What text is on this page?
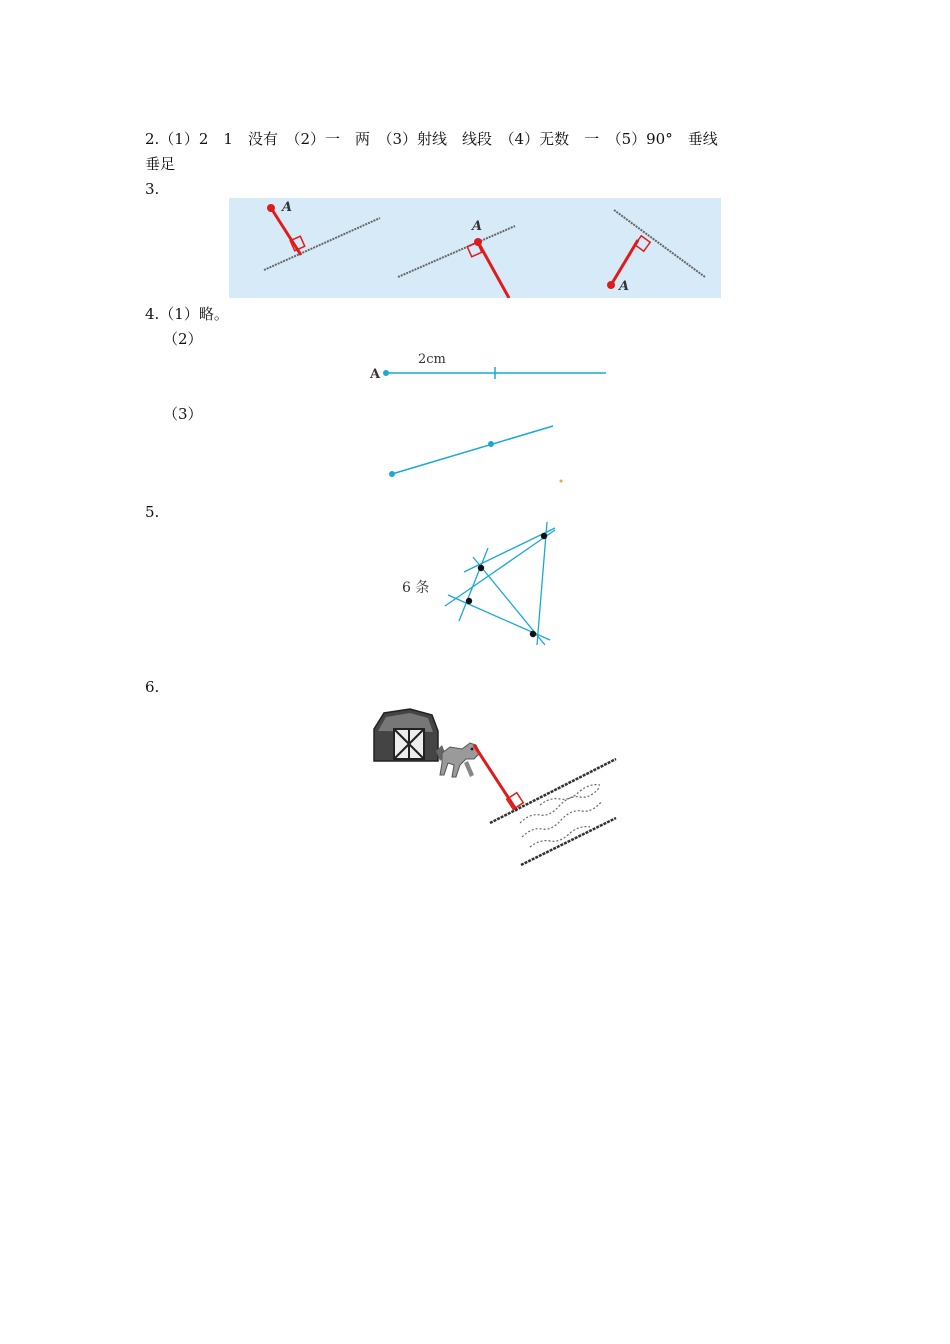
2.（1）2　1　没有　（2）一　两　（3）射线　线段　（4）无数　一　（5）90°　垂线
垂足
3.
A
A
A
4.（1）略。
（2）
A
2cm
（3）
5.
6 条
6.
